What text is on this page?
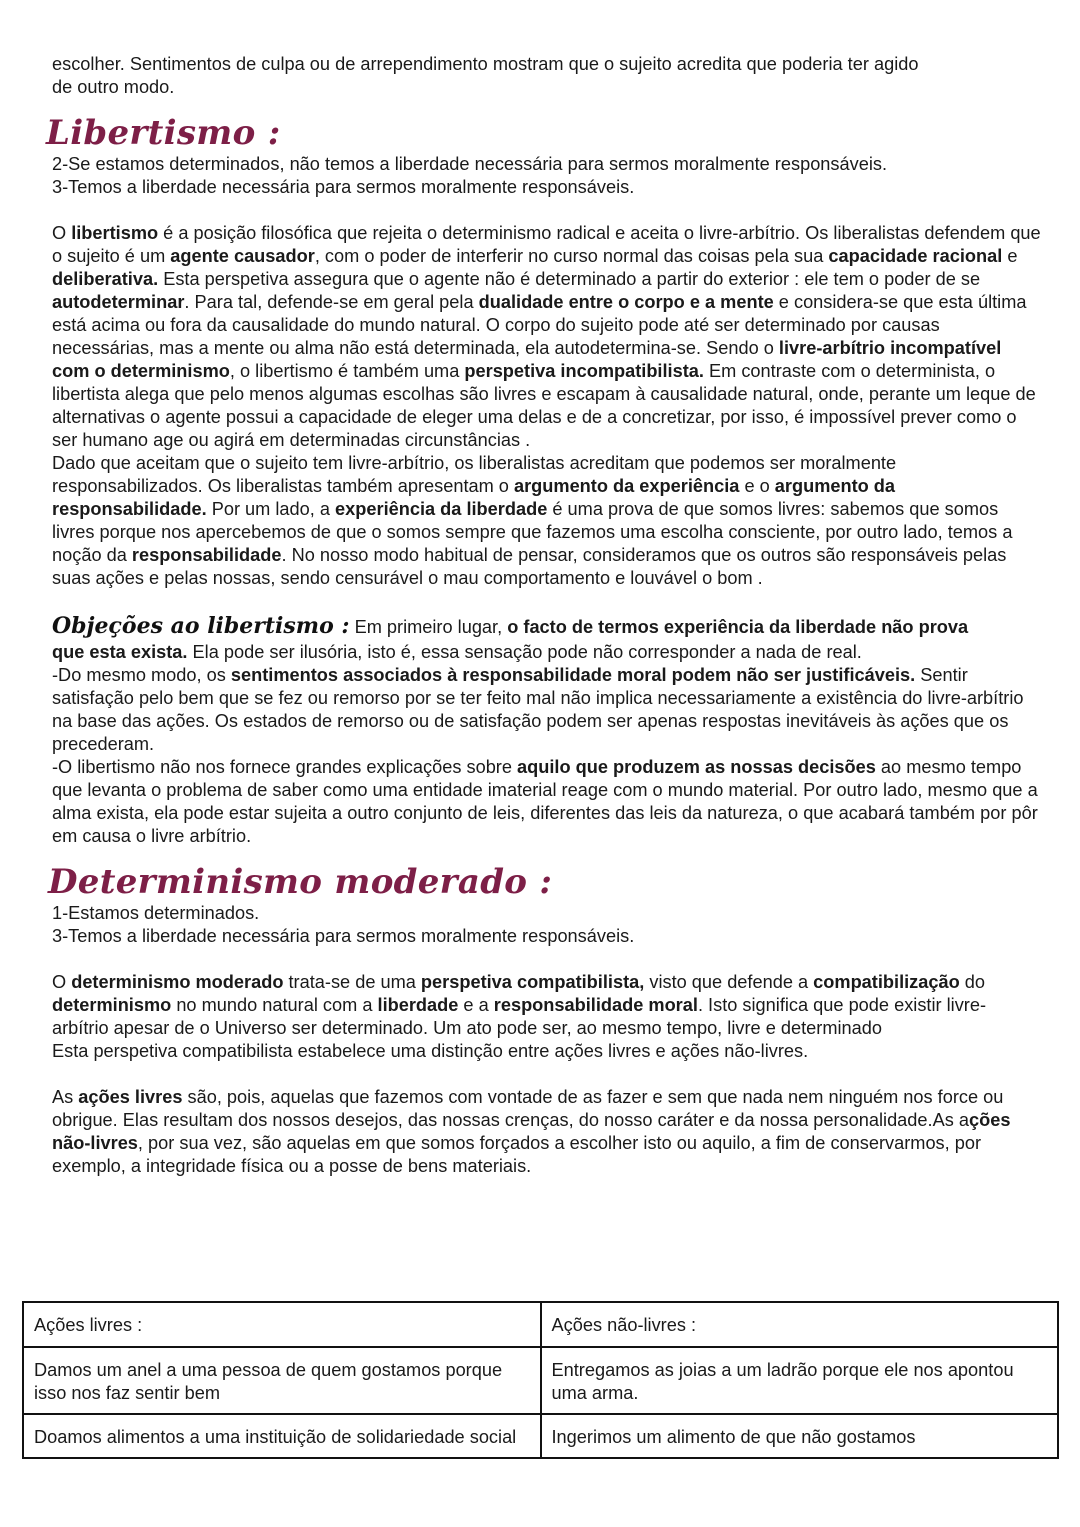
escolher. Sentimentos de culpa ou de arrependimento mostram que o sujeito acredita que poderia ter agido
de outro modo.

Libertismo :

2-Se estamos determinados, não temos a liberdade necessária para sermos moralmente responsáveis.
3-Temos a liberdade necessária para sermos moralmente responsáveis.

O libertismo é a posição filosófica que rejeita o determinismo radical e aceita o livre-arbítrio. Os liberalistas defendem que o sujeito é um agente causador, com o poder de interferir no curso normal das coisas pela sua capacidade racional e deliberativa. Esta perspetiva assegura que o agente não é determinado a partir do exterior : ele tem o poder de se autodeterminar. Para tal, defende-se em geral pela dualidade entre o corpo e a mente e considera-se que esta última está acima ou fora da causalidade do mundo natural. O corpo do sujeito pode até ser determinado por causas necessárias, mas a mente ou alma não está determinada, ela autodetermina-se. Sendo o livre-arbítrio incompatível com o determinismo, o libertismo é também uma perspetiva incompatibilista. Em contraste com o determinista, o libertista alega que pelo menos algumas escolhas são livres e escapam à causalidade natural, onde, perante um leque de alternativas o agente possui a capacidade de eleger uma delas e de a concretizar, por isso, é impossível prever como o ser humano age ou agirá em determinadas circunstâncias .

Dado que aceitam que o sujeito tem livre-arbítrio, os liberalistas acreditam que podemos ser moralmente responsabilizados. Os liberalistas também apresentam o argumento da experiência e o argumento da responsabilidade. Por um lado, a experiência da liberdade é uma prova de que somos livres: sabemos que somos livres porque nos apercebemos de que o somos sempre que fazemos uma escolha consciente, por outro lado, temos a noção da responsabilidade. No nosso modo habitual de pensar, consideramos que os outros são responsáveis pelas suas ações e pelas nossas, sendo censurável o mau comportamento e louvável o bom .

Objeções ao libertismo : Em primeiro lugar, o facto de termos experiência da liberdade não prova

que esta exista. Ela pode ser ilusória, isto é, essa sensação pode não corresponder a nada de real.

-Do mesmo modo, os sentimentos associados à responsabilidade moral podem não ser justificáveis. Sentir satisfação pelo bem que se fez ou remorso por se ter feito mal não implica necessariamente a existência do livre-arbítrio na base das ações. Os estados de remorso ou de satisfação podem ser apenas respostas inevitáveis às ações que os precederam.

-O libertismo não nos fornece grandes explicações sobre aquilo que produzem as nossas decisões ao mesmo tempo que levanta o problema de saber como uma entidade imaterial reage com o mundo material. Por outro lado, mesmo que a alma exista, ela pode estar sujeita a outro conjunto de leis, diferentes das leis da natureza, o que acabará também por pôr em causa o livre arbítrio.

Determinismo moderado :

1-Estamos determinados.
3-Temos a liberdade necessária para sermos moralmente responsáveis.

O determinismo moderado trata-se de uma perspetiva compatibilista, visto que defende a compatibilização do determinismo no mundo natural com a liberdade e a responsabilidade moral. Isto significa que pode existir livre-arbítrio apesar de o Universo ser determinado. Um ato pode ser, ao mesmo tempo, livre e determinado

Esta perspetiva compatibilista estabelece uma distinção entre ações livres e ações não-livres.

As ações livres são, pois, aquelas que fazemos com vontade de as fazer e sem que nada nem ninguém nos force ou obrigue. Elas resultam dos nossos desejos, das nossas crenças, do nosso caráter e da nossa personalidade.As ações não-livres, por sua vez, são aquelas em que somos forçados a escolher isto ou aquilo, a fim de conservarmos, por exemplo, a integridade física ou a posse de bens materiais.

Ações livres :	Ações não-livres :
Damos um anel a uma pessoa de quem gostamos porque isso nos faz sentir bem	Entregamos as joias a um ladrão porque ele nos apontou uma arma.
Doamos alimentos a uma instituição de solidariedade social	Ingerimos um alimento de que não gostamos
